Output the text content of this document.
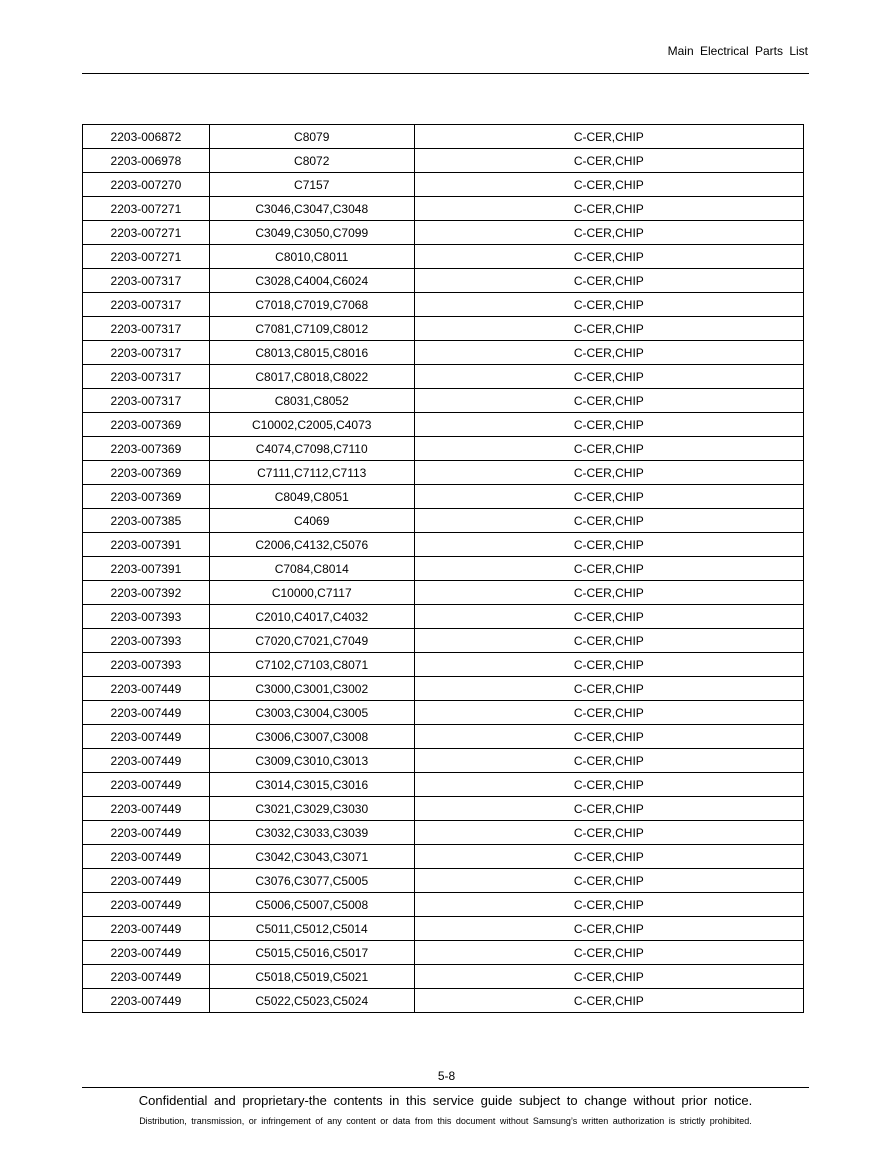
Main Electrical Parts List
2203-006872	C8079	C-CER,CHIP
2203-006978	C8072	C-CER,CHIP
2203-007270	C7157	C-CER,CHIP
2203-007271	C3046,C3047,C3048	C-CER,CHIP
2203-007271	C3049,C3050,C7099	C-CER,CHIP
2203-007271	C8010,C8011	C-CER,CHIP
2203-007317	C3028,C4004,C6024	C-CER,CHIP
2203-007317	C7018,C7019,C7068	C-CER,CHIP
2203-007317	C7081,C7109,C8012	C-CER,CHIP
2203-007317	C8013,C8015,C8016	C-CER,CHIP
2203-007317	C8017,C8018,C8022	C-CER,CHIP
2203-007317	C8031,C8052	C-CER,CHIP
2203-007369	C10002,C2005,C4073	C-CER,CHIP
2203-007369	C4074,C7098,C7110	C-CER,CHIP
2203-007369	C7111,C7112,C7113	C-CER,CHIP
2203-007369	C8049,C8051	C-CER,CHIP
2203-007385	C4069	C-CER,CHIP
2203-007391	C2006,C4132,C5076	C-CER,CHIP
2203-007391	C7084,C8014	C-CER,CHIP
2203-007392	C10000,C7117	C-CER,CHIP
2203-007393	C2010,C4017,C4032	C-CER,CHIP
2203-007393	C7020,C7021,C7049	C-CER,CHIP
2203-007393	C7102,C7103,C8071	C-CER,CHIP
2203-007449	C3000,C3001,C3002	C-CER,CHIP
2203-007449	C3003,C3004,C3005	C-CER,CHIP
2203-007449	C3006,C3007,C3008	C-CER,CHIP
2203-007449	C3009,C3010,C3013	C-CER,CHIP
2203-007449	C3014,C3015,C3016	C-CER,CHIP
2203-007449	C3021,C3029,C3030	C-CER,CHIP
2203-007449	C3032,C3033,C3039	C-CER,CHIP
2203-007449	C3042,C3043,C3071	C-CER,CHIP
2203-007449	C3076,C3077,C5005	C-CER,CHIP
2203-007449	C5006,C5007,C5008	C-CER,CHIP
2203-007449	C5011,C5012,C5014	C-CER,CHIP
2203-007449	C5015,C5016,C5017	C-CER,CHIP
2203-007449	C5018,C5019,C5021	C-CER,CHIP
2203-007449	C5022,C5023,C5024	C-CER,CHIP
5-8
Confidential and proprietary-the contents in this service guide subject to change without prior notice.
Distribution, transmission, or infringement of any content or data from this document without Samsung’s written authorization is strictly prohibited.
